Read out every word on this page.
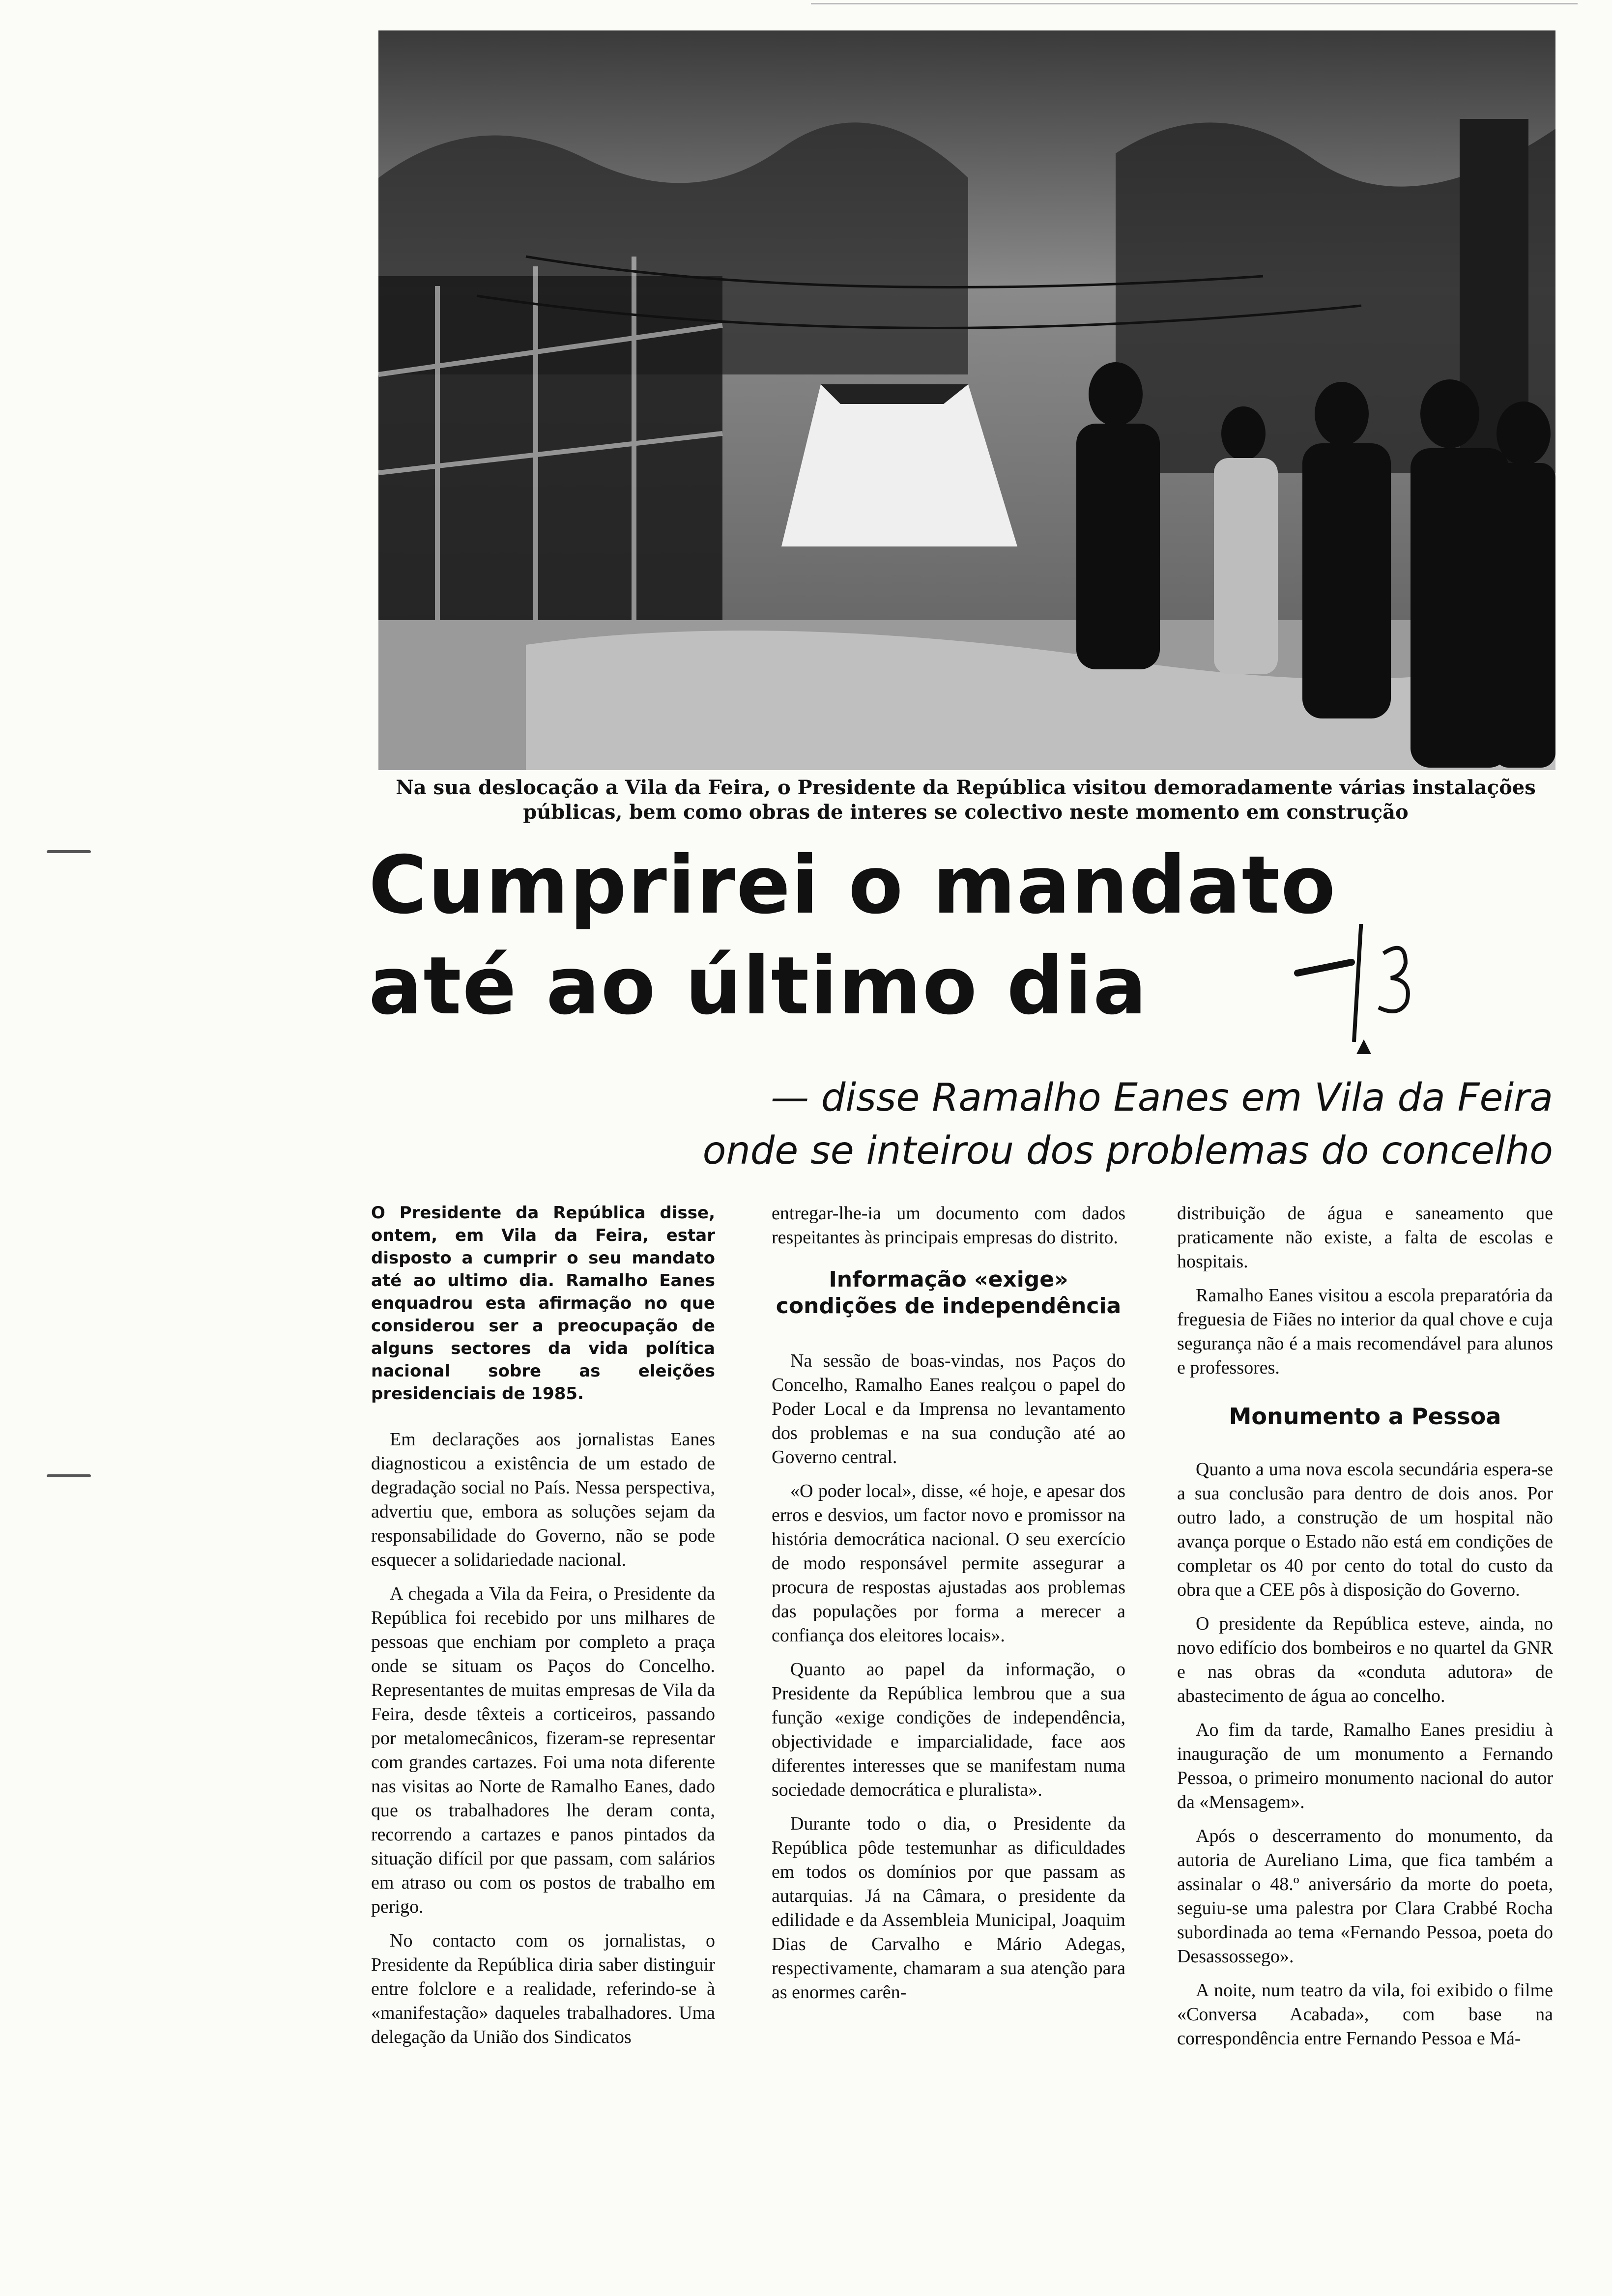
Na sua deslocação a Vila da Feira, o Presidente da República visitou demoradamente várias instalações públicas, bem como obras de interes se colectivo neste momento em construção
Cumprirei o mandato
até ao último dia
— disse Ramalho Eanes em Vila da Feira
onde se inteirou dos problemas do concelho
O Presidente da República disse, ontem, em Vila da Feira, estar disposto a cumprir o seu mandato até ao ultimo dia. Ramalho Eanes enquadrou esta afirmação no que considerou ser a preocupação de alguns sectores da vida política nacional sobre as eleições presidenciais de 1985.

Em declarações aos jornalistas Eanes diagnosticou a existência de um estado de degradação social no País. Nessa perspectiva, advertiu que, embora as soluções sejam da responsabilidade do Governo, não se pode esquecer a solidariedade nacional.

A chegada a Vila da Feira, o Presidente da República foi recebido por uns milhares de pessoas que enchiam por completo a praça onde se situam os Paços do Concelho. Representantes de muitas empresas de Vila da Feira, desde têxteis a corticeiros, passando por metalomecânicos, fizeram-se representar com grandes cartazes. Foi uma nota diferente nas visitas ao Norte de Ramalho Eanes, dado que os trabalhadores lhe deram conta, recorrendo a cartazes e panos pintados da situação difícil por que passam, com salários em atraso ou com os postos de trabalho em perigo.

No contacto com os jornalistas, o Presidente da República diria saber distinguir entre folclore e a realidade, referindo-se à «manifestação» daqueles trabalhadores. Uma delegação da União dos Sindicatos

entregar-lhe-ia um documento com dados respeitantes às principais empresas do distrito.

Informação «exige» condições de independência

Na sessão de boas-vindas, nos Paços do Concelho, Ramalho Eanes realçou o papel do Poder Local e da Imprensa no levantamento dos problemas e na sua condução até ao Governo central.

«O poder local», disse, «é hoje, e apesar dos erros e desvios, um factor novo e promissor na história democrática nacional. O seu exercício de modo responsável permite assegurar a procura de respostas ajustadas aos problemas das populações por forma a merecer a confiança dos eleitores locais».

Quanto ao papel da informação, o Presidente da República lembrou que a sua função «exige condições de independência, objectividade e imparcialidade, face aos diferentes interesses que se manifestam numa sociedade democrática e pluralista».

Durante todo o dia, o Presidente da República pôde testemunhar as dificuldades em todos os domínios por que passam as autarquias. Já na Câmara, o presidente da edilidade e da Assembleia Municipal, Joaquim Dias de Carvalho e Mário Adegas, respectivamente, chamaram a sua atenção para as enormes carên-

distribuição de água e saneamento que praticamente não existe, a falta de escolas e hospitais.

Ramalho Eanes visitou a escola preparatória da freguesia de Fiães no interior da qual chove e cuja segurança não é a mais recomendável para alunos e professores.

Monumento a Pessoa

Quanto a uma nova escola secundária espera-se a sua conclusão para dentro de dois anos. Por outro lado, a construção de um hospital não avança porque o Estado não está em condições de completar os 40 por cento do total do custo da obra que a CEE pôs à disposição do Governo.

O presidente da República esteve, ainda, no novo edifício dos bombeiros e no quartel da GNR e nas obras da «conduta adutora» de abastecimento de água ao concelho.

Ao fim da tarde, Ramalho Eanes presidiu à inauguração de um monumento a Fernando Pessoa, o primeiro monumento nacional do autor da «Mensagem».

Após o descerramento do monumento, da autoria de Aureliano Lima, que fica também a assinalar o 48.º aniversário da morte do poeta, seguiu-se uma palestra por Clara Crabbé Rocha subordinada ao tema «Fernando Pessoa, poeta do Desassossego».

A noite, num teatro da vila, foi exibido o filme «Conversa Acabada», com base na correspondência entre Fernando Pessoa e Má-
